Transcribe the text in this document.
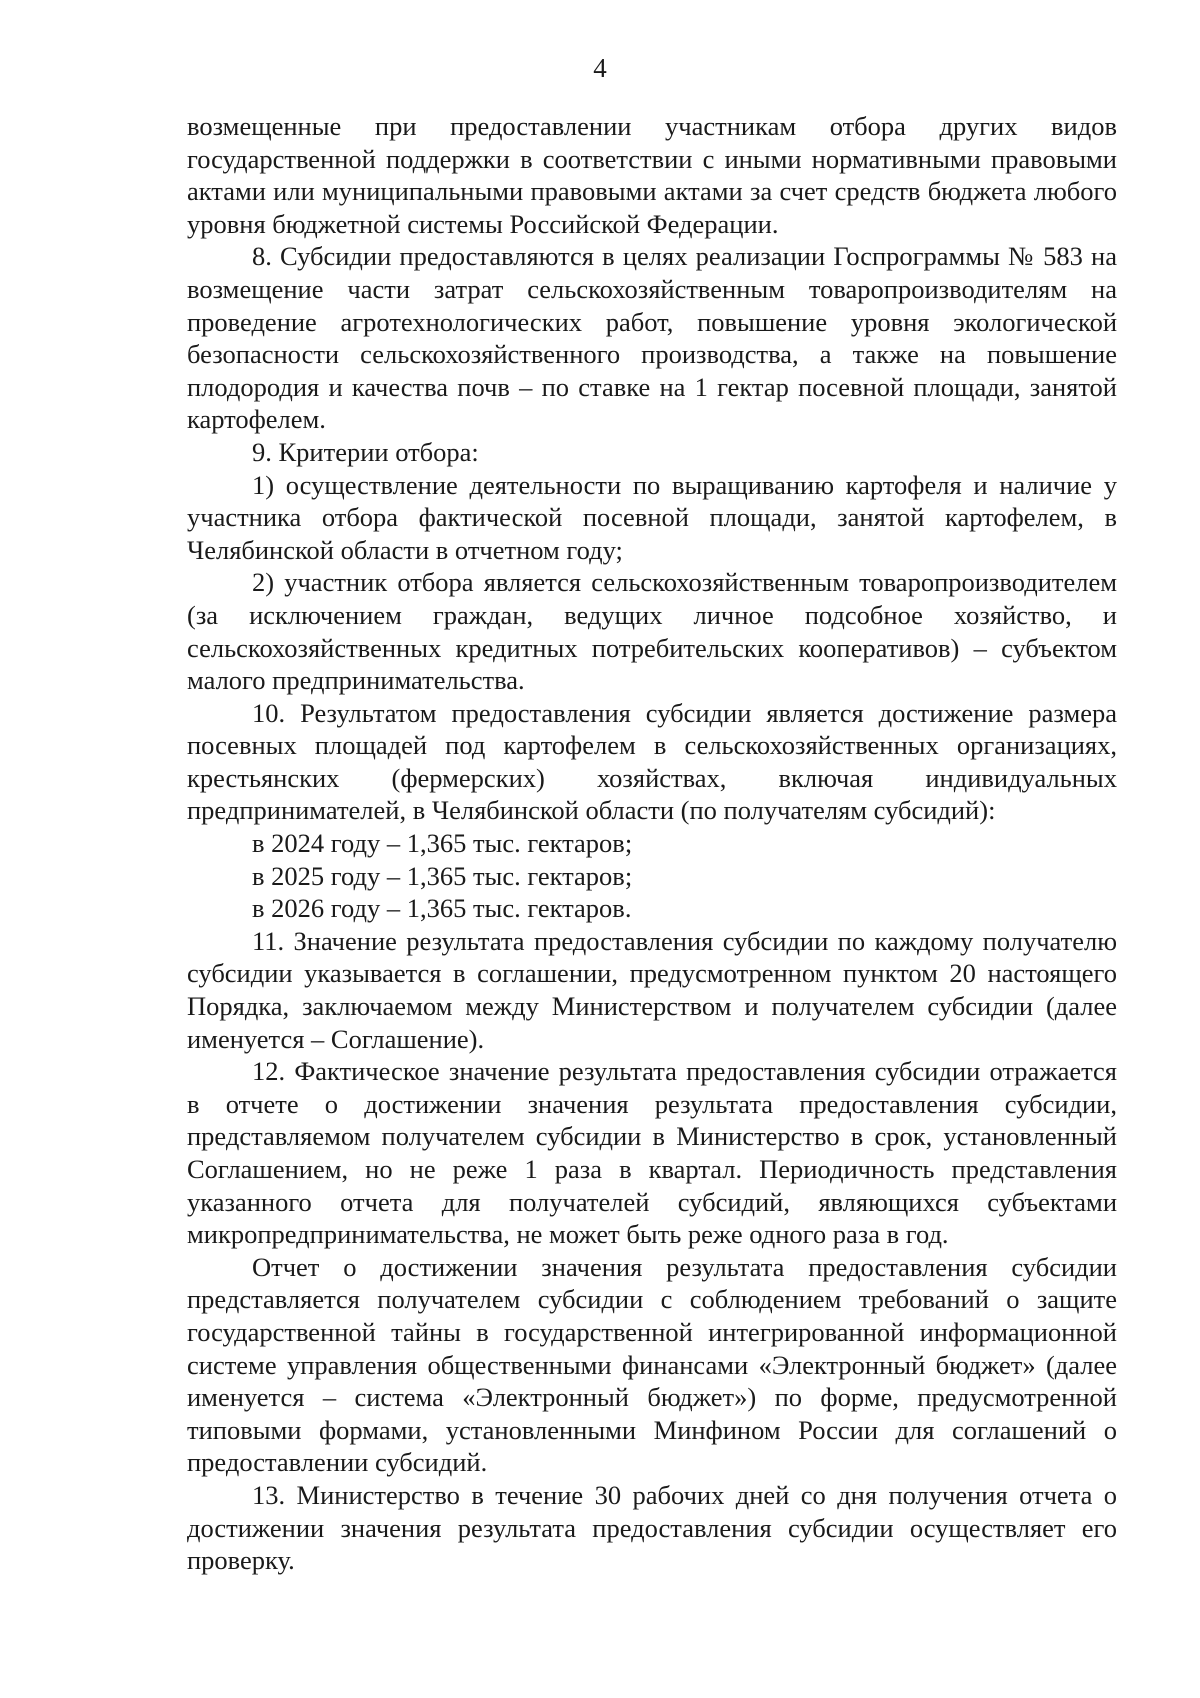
4

возмещенные при предоставлении участникам отбора других видов государственной поддержки в соответствии с иными нормативными правовыми актами или муниципальными правовыми актами за счет средств бюджета любого уровня бюджетной системы Российской Федерации.

8. Субсидии предоставляются в целях реализации Госпрограммы № 583 на возмещение части затрат сельскохозяйственным товаропроизводителям на проведение агротехнологических работ, повышение уровня экологической безопасности сельскохозяйственного производства, а также на повышение плодородия и качества почв – по ставке на 1 гектар посевной площади, занятой картофелем.

9. Критерии отбора:

1) осуществление деятельности по выращиванию картофеля и наличие у участника отбора фактической посевной площади, занятой картофелем, в Челябинской области в отчетном году;

2) участник отбора является сельскохозяйственным товаропроизводителем (за исключением граждан, ведущих личное подсобное хозяйство, и сельскохозяйственных кредитных потребительских кооперативов) – субъектом малого предпринимательства.

10. Результатом предоставления субсидии является достижение размера посевных площадей под картофелем в сельскохозяйственных организациях, крестьянских (фермерских) хозяйствах, включая индивидуальных предпринимателей, в Челябинской области (по получателям субсидий):

в 2024 году – 1,365 тыс. гектаров;

в 2025 году – 1,365 тыс. гектаров;

в 2026 году – 1,365 тыс. гектаров.

11. Значение результата предоставления субсидии по каждому получателю субсидии указывается в соглашении, предусмотренном пунктом 20 настоящего Порядка, заключаемом между Министерством и получателем субсидии (далее именуется – Соглашение).

12. Фактическое значение результата предоставления субсидии отражается в отчете о достижении значения результата предоставления субсидии, представляемом получателем субсидии в Министерство в срок, установленный Соглашением, но не реже 1 раза в квартал. Периодичность представления указанного отчета для получателей субсидий, являющихся субъектами микропредпринимательства, не может быть реже одного раза в год.

Отчет о достижении значения результата предоставления субсидии представляется получателем субсидии с соблюдением требований о защите государственной тайны в государственной интегрированной информационной системе управления общественными финансами «Электронный бюджет» (далее именуется – система «Электронный бюджет») по форме, предусмотренной типовыми формами, установленными Минфином России для соглашений о предоставлении субсидий.

13. Министерство в течение 30 рабочих дней со дня получения отчета о достижении значения результата предоставления субсидии осуществляет его проверку.
